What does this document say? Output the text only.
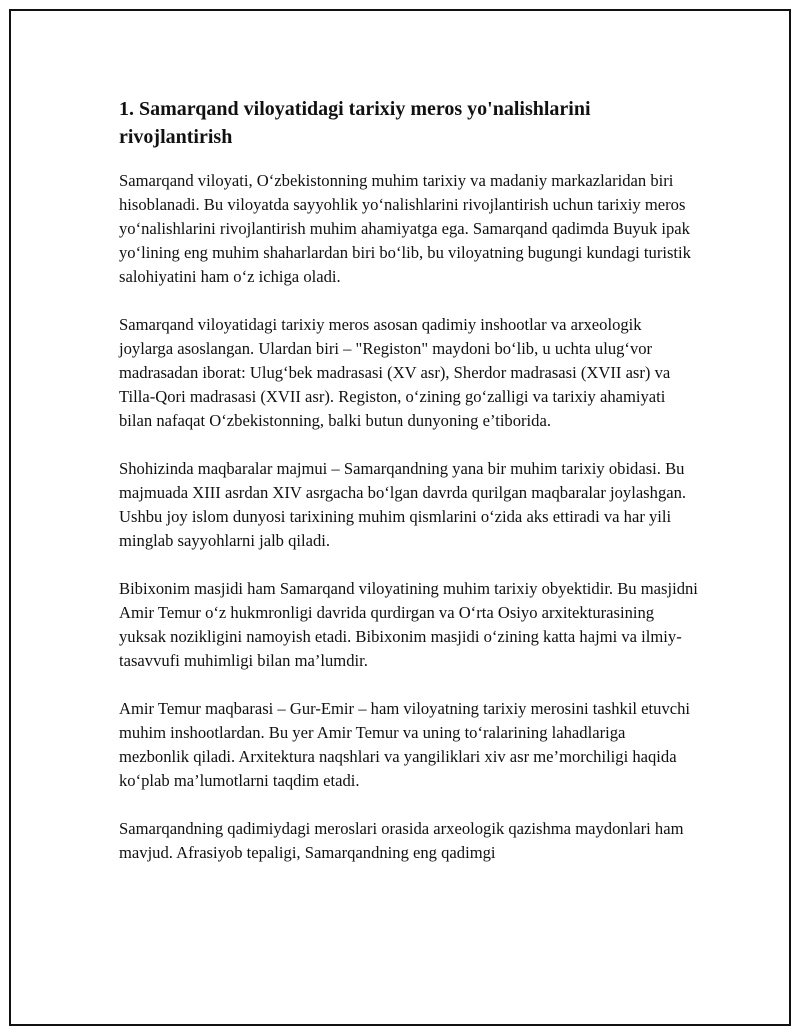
1. Samarqand viloyatidagi tarixiy meros yo'nalishlarini rivojlantirish

Samarqand viloyati, O‘zbekistonning muhim tarixiy va madaniy markazlaridan biri hisoblanadi. Bu viloyatda sayyohlik yo‘nalishlarini rivojlantirish uchun tarixiy meros yo‘nalishlarini rivojlantirish muhim ahamiyatga ega. Samarqand qadimda Buyuk ipak yo‘lining eng muhim shaharlardan biri bo‘lib, bu viloyatning bugungi kundagi turistik salohiyatini ham o‘z ichiga oladi.

Samarqand viloyatidagi tarixiy meros asosan qadimiy inshootlar va arxeologik joylarga asoslangan. Ulardan biri – "Registon" maydoni bo‘lib, u uchta ulug‘vor madrasadan iborat: Ulug‘bek madrasasi (XV asr), Sherdor madrasasi (XVII asr) va Tilla-Qori madrasasi (XVII asr). Registon, o‘zining go‘zalligi va tarixiy ahamiyati bilan nafaqat O‘zbekistonning, balki butun dunyoning e’tiborida.

Shohizinda maqbaralar majmui – Samarqandning yana bir muhim tarixiy obidasi. Bu majmuada XIII asrdan XIV asrgacha bo‘lgan davrda qurilgan maqbaralar joylashgan. Ushbu joy islom dunyosi tarixining muhim qismlarini o‘zida aks ettiradi va har yili minglab sayyohlarni jalb qiladi.

Bibixonim masjidi ham Samarqand viloyatining muhim tarixiy obyektidir. Bu masjidni Amir Temur o‘z hukmronligi davrida qurdirgan va O‘rta Osiyo arxitekturasining yuksak nozikligini namoyish etadi. Bibixonim masjidi o‘zining katta hajmi va ilmiy-tasavvufi muhimligi bilan ma’lumdir.

Amir Temur maqbarasi – Gur-Emir – ham viloyatning tarixiy merosini tashkil etuvchi muhim inshootlardan. Bu yer Amir Temur va uning to‘ralarining lahadlariga mezbonlik qiladi. Arxitektura naqshlari va yangiliklari xiv asr me’morchiligi haqida ko‘plab ma’lumotlarni taqdim etadi.

Samarqandning qadimiydagi meroslari orasida arxeologik qazishma maydonlari ham mavjud. Afrasiyob tepaligi, Samarqandning eng qadimgi
